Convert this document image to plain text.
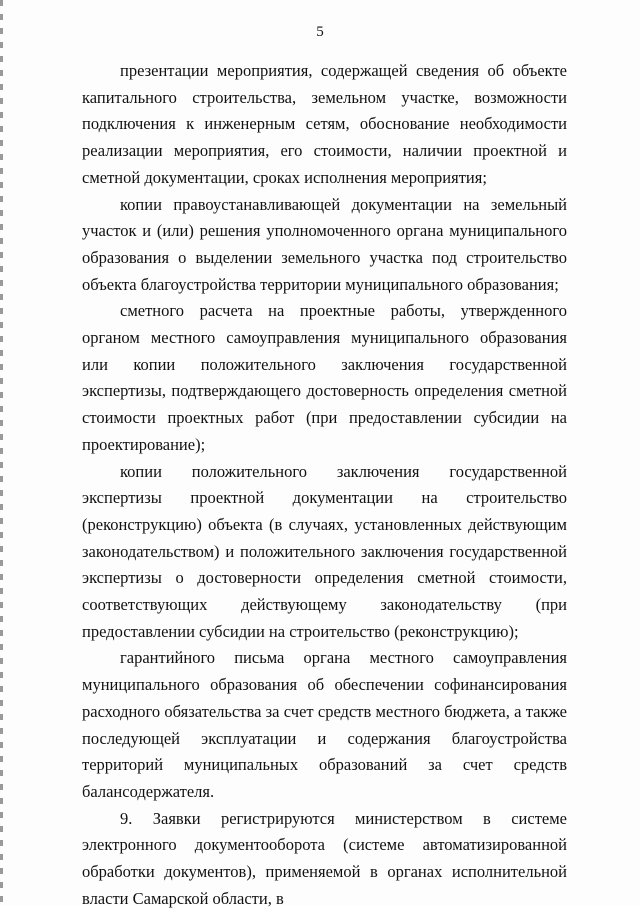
5

презентации мероприятия, содержащей сведения об объекте капитального строительства, земельном участке, возможности подключения к инженерным сетям, обоснование необходимости реализации мероприятия, его стоимости, наличии проектной и сметной документации, сроках исполнения мероприятия;

копии правоустанавливающей документации на земельный участок и (или) решения уполномоченного органа муниципального образования о выделении земельного участка под строительство объекта благоустройства территории муниципального образования;

сметного расчета на проектные работы, утвержденного органом местного самоуправления муниципального образования или копии положительного заключения государственной экспертизы, подтверждающего достоверность определения сметной стоимости проектных работ (при предоставлении субсидии на проектирование);

копии положительного заключения государственной экспертизы проектной документации на строительство (реконструкцию) объекта (в случаях, установленных действующим законодательством) и положительного заключения государственной экспертизы о достоверности определения сметной стоимости, соответствующих действующему законодательству (при предоставлении субсидии на строительство (реконструкцию);

гарантийного письма органа местного самоуправления муниципального образования об обеспечении софинансирования расходного обязательства за счет средств местного бюджета, а также последующей эксплуатации и содержания благоустройства территорий муниципальных образований за счет средств балансодержателя.

9. Заявки регистрируются министерством в системе электронного документооборота (системе автоматизированной обработки документов), применяемой в органах исполнительной власти Самарской области, в
